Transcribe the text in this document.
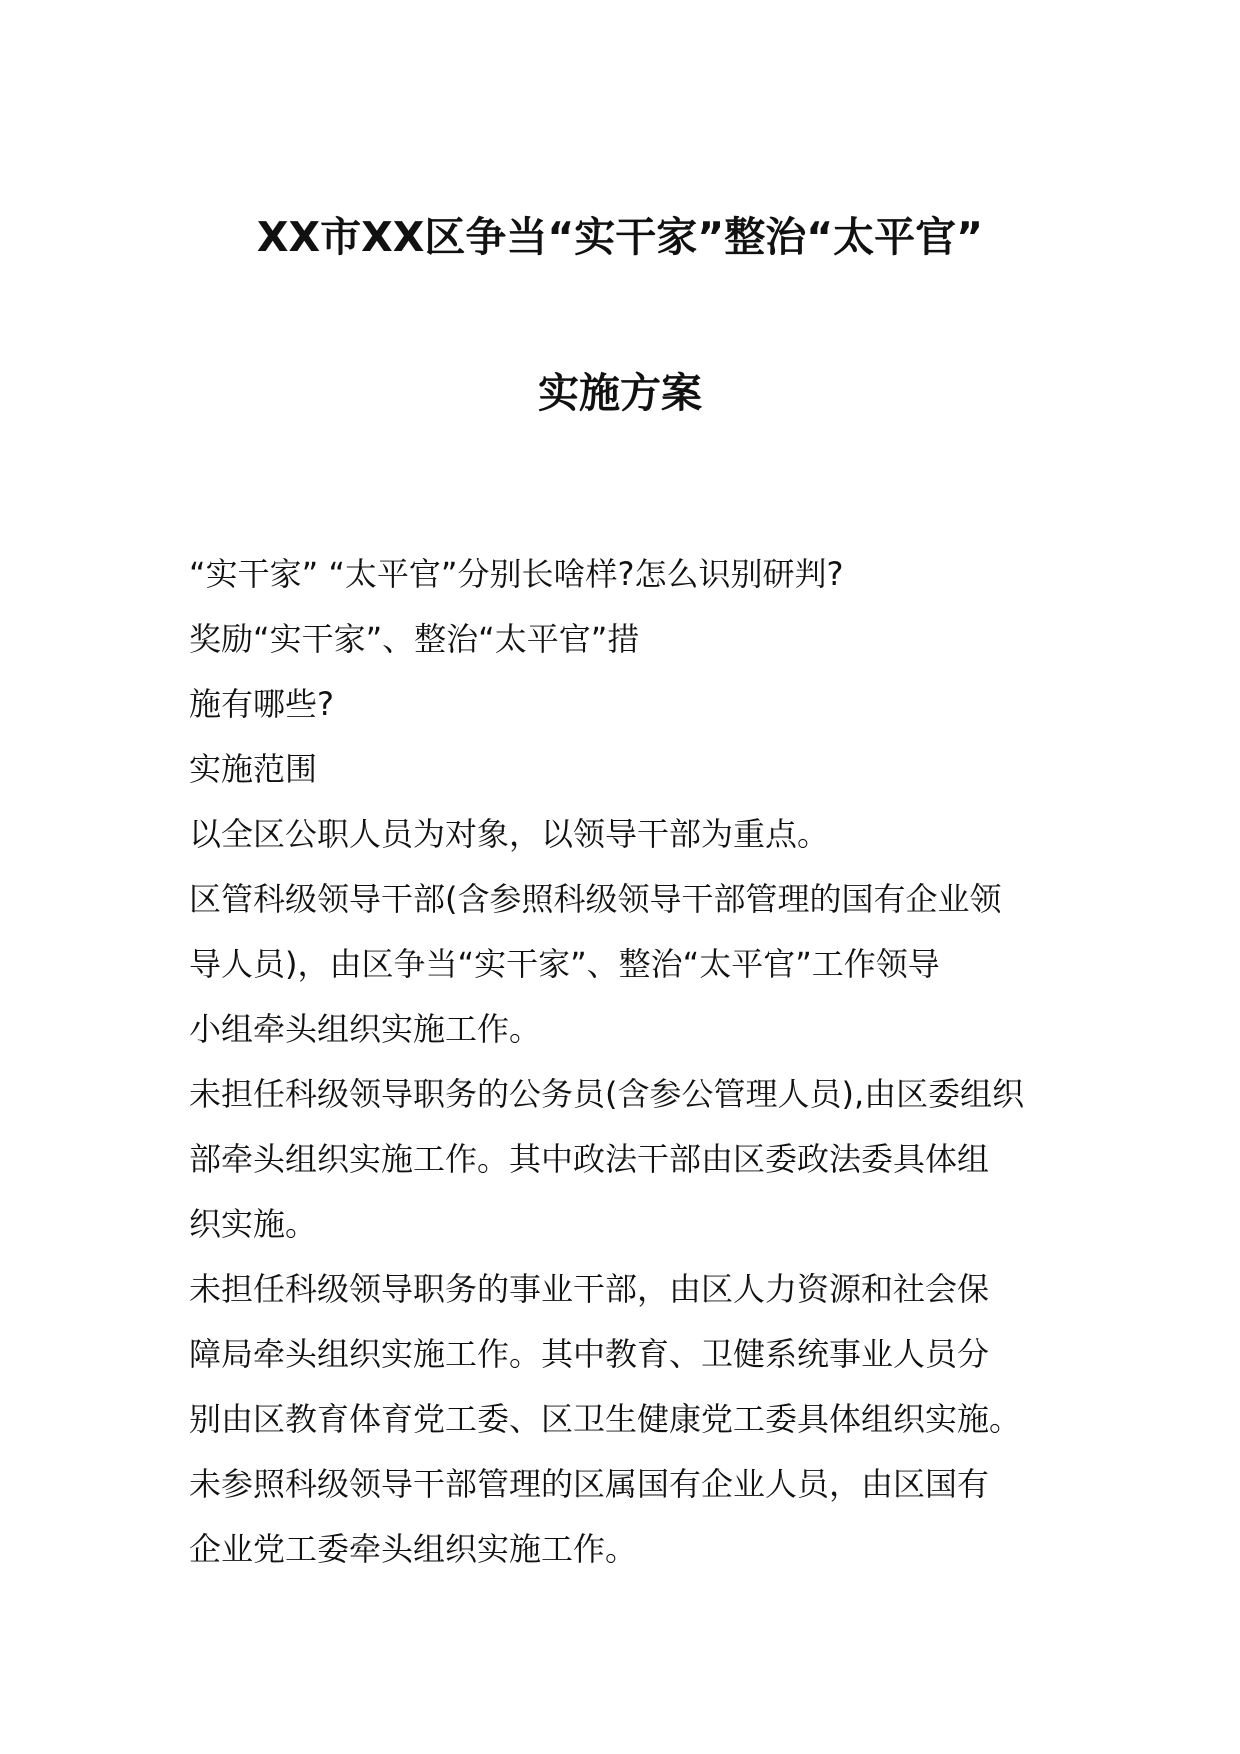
XX市XX区争当“实干家”整治“太平官”
实施方案
“实干家” “太平官”分别长啥样?怎么识别研判?
奖励“实干家”、整治“太平官”措
施有哪些?
实施范围
以全区公职人员为对象，以领导干部为重点。
区管科级领导干部(含参照科级领导干部管理的国有企业领
导人员)，由区争当“实干家”、整治“太平官”工作领导
小组牵头组织实施工作。
未担任科级领导职务的公务员(含参公管理人员),由区委组织
部牵头组织实施工作。其中政法干部由区委政法委具体组
织实施。
未担任科级领导职务的事业干部，由区人力资源和社会保
障局牵头组织实施工作。其中教育、卫健系统事业人员分
别由区教育体育党工委、区卫生健康党工委具体组织实施。
未参照科级领导干部管理的区属国有企业人员，由区国有
企业党工委牵头组织实施工作。
